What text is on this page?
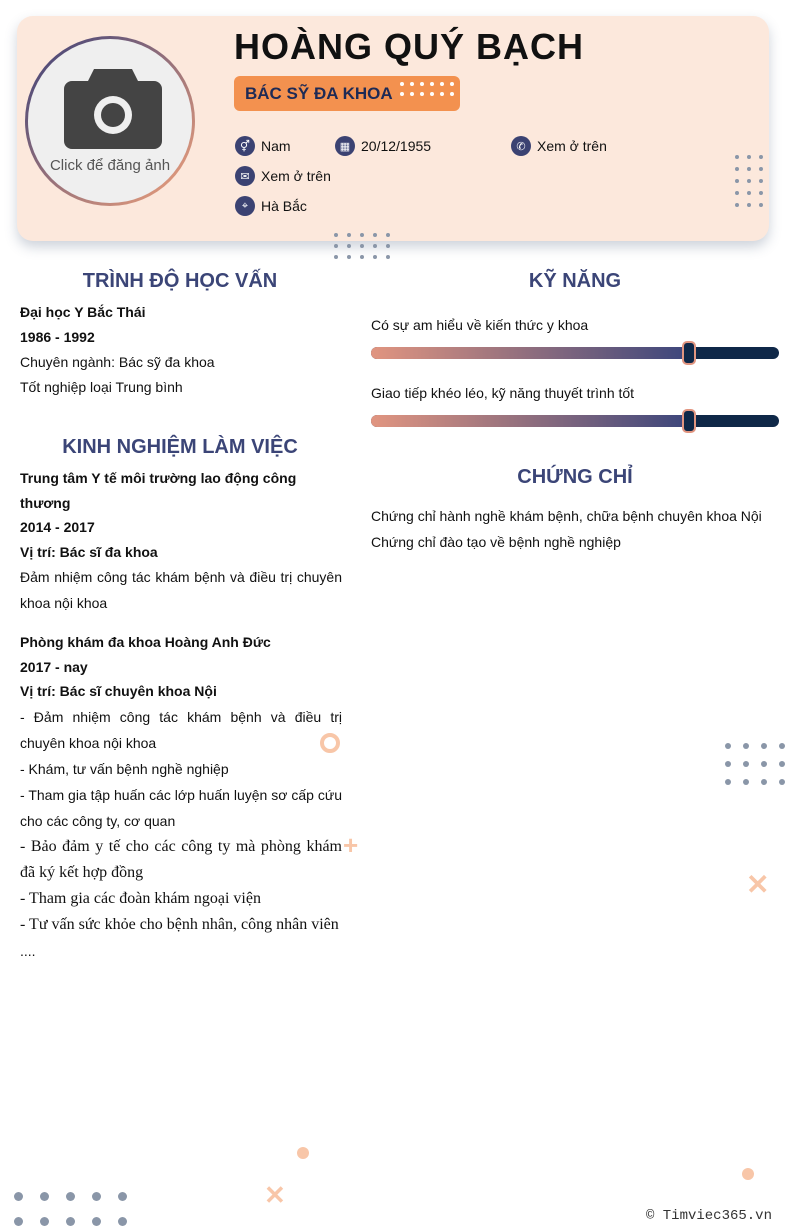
Click để đăng ảnh
HOÀNG QUÝ BẠCH
BÁC SỸ ĐA KHOA
⚥ Nam	▦ 20/12/1955	✆ Xem ở trên
✉ Xem ở trên
⌖ Hà Bắc
+
✕
✕
TRÌNH ĐỘ HỌC VẤN
Đại học Y Bắc Thái
1986 - 1992
Chuyên ngành: Bác sỹ đa khoa
Tốt nghiệp loại Trung bình
KINH NGHIỆM LÀM VIỆC
Trung tâm Y tế môi trường lao động công thương
2014 - 2017
Vị trí: Bác sĩ đa khoa
Đảm nhiệm công tác khám bệnh và điều trị chuyên khoa nội khoa
Phòng khám đa khoa Hoàng Anh Đức
2017 - nay
Vị trí: Bác sĩ chuyên khoa Nội
- Đảm nhiệm công tác khám bệnh và điều trị chuyên khoa nội khoa
- Khám, tư vấn bệnh nghề nghiệp
- Tham gia tập huấn các lớp huấn luyện sơ cấp cứu cho các công ty, cơ quan
- Bảo đảm y tế cho các công ty mà phòng khám đã ký kết hợp đồng
- Tham gia các đoàn khám ngoại viện
- Tư vấn sức khỏe cho bệnh nhân, công nhân viên
....
KỸ NĂNG
Có sự am hiểu về kiến thức y khoa
Giao tiếp khéo léo, kỹ năng thuyết trình tốt
CHỨNG CHỈ
Chứng chỉ hành nghề khám bệnh, chữa bệnh chuyên khoa Nội
Chứng chỉ đào tạo về bệnh nghề nghiệp
© Timviec365.vn
